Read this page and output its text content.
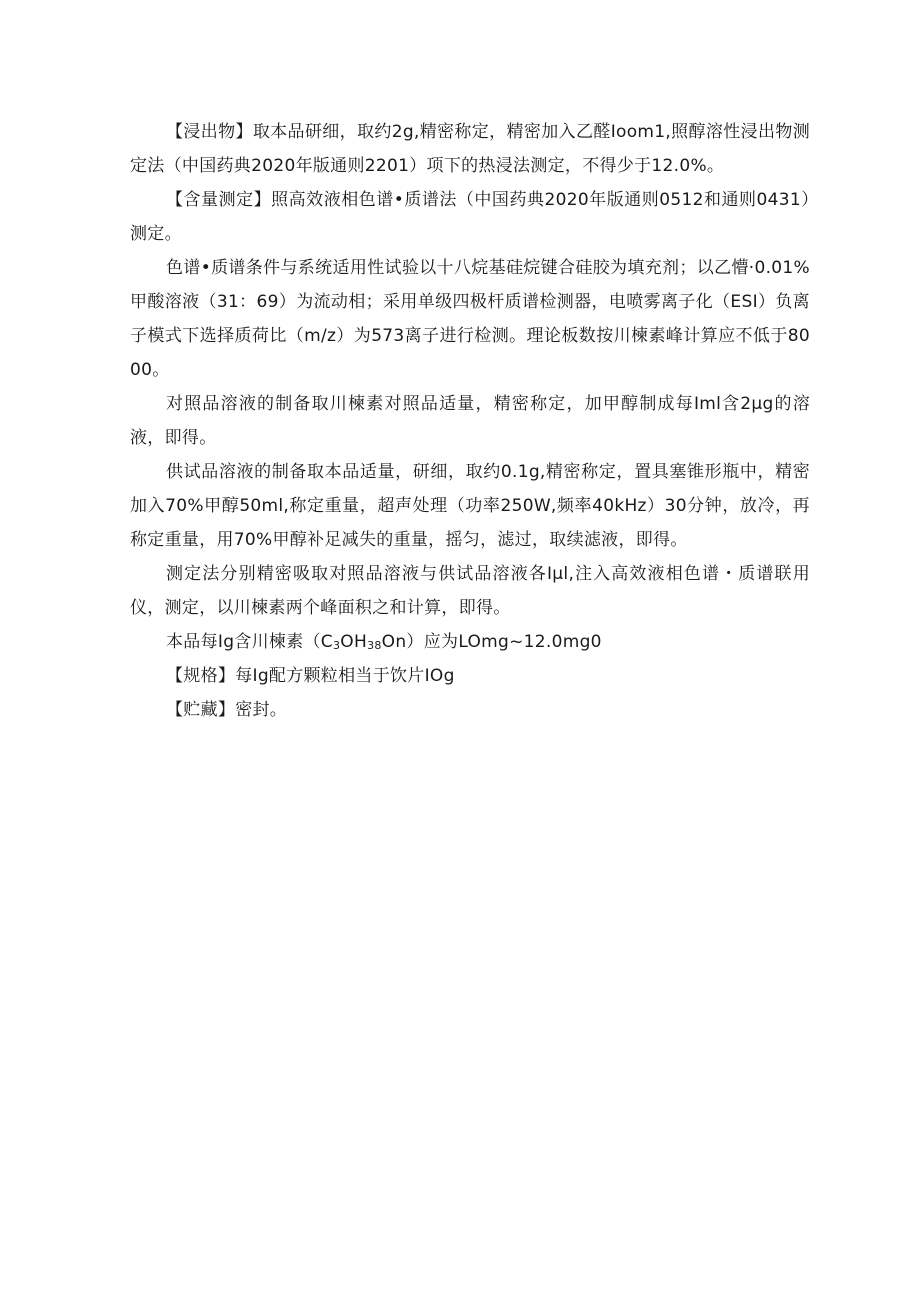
【浸出物】取本品研细，取约2g,精密称定，精密加入乙醛Ioom1,照醇溶性浸出物测定法（中国药典2020年版通则2201）项下的热浸法测定，不得少于12.0%。

【含量测定】照高效液相色谱•质谱法（中国药典2020年版通则0512和通则0431）测定。

色谱•质谱条件与系统适用性试验以十八烷基硅烷键合硅胶为填充剂；以乙懵·0.01%甲酸溶液（31：69）为流动相；采用单级四极杆质谱检测器，电喷雾离子化（ESI）负离子模式下选择质荷比（m/z）为573离子进行检测。理论板数按川楝素峰计算应不低于8000。

对照品溶液的制备取川楝素对照品适量，精密称定，加甲醇制成每Iml含2μg的溶液，即得。

供试品溶液的制备取本品适量，研细，取约0.1g,精密称定，置具塞锥形瓶中，精密加入70%甲醇50ml,称定重量，超声处理（功率250W,频率40kHz）30分钟，放冷，再称定重量，用70%甲醇补足减失的重量，摇匀，滤过，取续滤液，即得。

测定法分别精密吸取对照品溶液与供试品溶液各Iμl,注入高效液相色谱・质谱联用仪，测定，以川楝素两个峰面积之和计算，即得。

本品每Ig含川楝素$(C_3OH_{38}On)$应为LOmg~12.0mg0

【规格】每Ig配方颗粒相当于饮片IOg

【贮藏】密封。
